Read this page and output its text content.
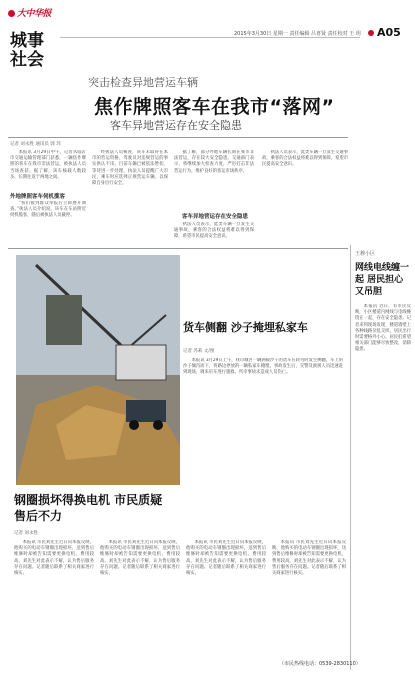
大中华报
城事社会
2015年3月30日 星期一 责任编辑 吕喜贤 责任校对 王 玥	A05
突击检查异地营运车辆
焦作牌照客车在我市“落网”
客车异地营运存在安全隐患
记者 刘永胜 通讯员 郭 玮

本报讯 3月29日中午，记者从临沂市交通运输管理部门获悉，一辆焦作牌照的客车在我市非法营运，被执法人员当场查获。据了解，该车核载人数较多，长期往返于两地之间。

外地牌照客车伺机揽客

“我们接到群众举报后立即展开调查。”执法人员介绍说，该车在车站附近伺机揽客，随后被执法人员截停。

经执法人员核查，该车未取得在本市的营运资格，驾驶员对违规营运的事实供认不讳。目前车辆已被依法暂扣，等待进一步处理。执法人员提醒广大市民，乘车时应选择正规营运车辆，以保障自身出行安全。

据了解，部分外地车辆长期在我市非法营运，存在较大安全隐患。交通部门表示，将继续加大检查力度，严厉打击非法营运行为，维护良好的客运市场秩序。

客车异地营运存在安全隐患

执法人员表示，此类车辆一旦发生交通事故，乘客的合法权益将难以得到保障，希望市民提高安全意识。

执法人员表示，此类车辆一旦发生交通事故，乘客的合法权益将难以得到保障，希望市民提高安全意识。

王穆小区
网线电线缠一起 居民担心又吊胆

本报讯 近日，有市民反映，小区楼道内网线与电线缠绕在一起，存在安全隐患。记者来到现场发现，楼道墙壁上各种线路杂乱交织，居民出行时需要格外小心。居民们希望相关部门能够尽快整改，消除隐患。

货车侧翻 沙子掩埋私家车
记者 苏莉 文/图

本报讯 3月29日上午，我市城区一辆满载沙子的货车在转弯时发生侧翻，车上的沙子倾泻而下，将路边停放的一辆私家车掩埋。事故发生后，交警及救援人员迅速赶到现场，调来吊车进行施救。所幸事故未造成人员伤亡。

钢圈损坏得换电机 市民质疑售后不力
记者 刘永胜

本报讯 市民刘先生近日向本报反映，他购买的电动车钢圈出现损坏，送到售后维修时却被告知需要更换电机，费用较高。刘先生对此表示不解，认为售后服务存在问题。记者随后联系了相关商家进行核实。

本报讯 市民刘先生近日向本报反映，他购买的电动车钢圈出现损坏，送到售后维修时却被告知需要更换电机，费用较高。刘先生对此表示不解，认为售后服务存在问题。记者随后联系了相关商家进行核实。

本报讯 市民刘先生近日向本报反映，他购买的电动车钢圈出现损坏，送到售后维修时却被告知需要更换电机，费用较高。刘先生对此表示不解，认为售后服务存在问题。记者随后联系了相关商家进行核实。

本报讯 市民刘先生近日向本报反映，他购买的电动车钢圈出现损坏，送到售后维修时却被告知需要更换电机，费用较高。刘先生对此表示不解，认为售后服务存在问题。记者随后联系了相关商家进行核实。

（市民热线电话：0539-2830110）
